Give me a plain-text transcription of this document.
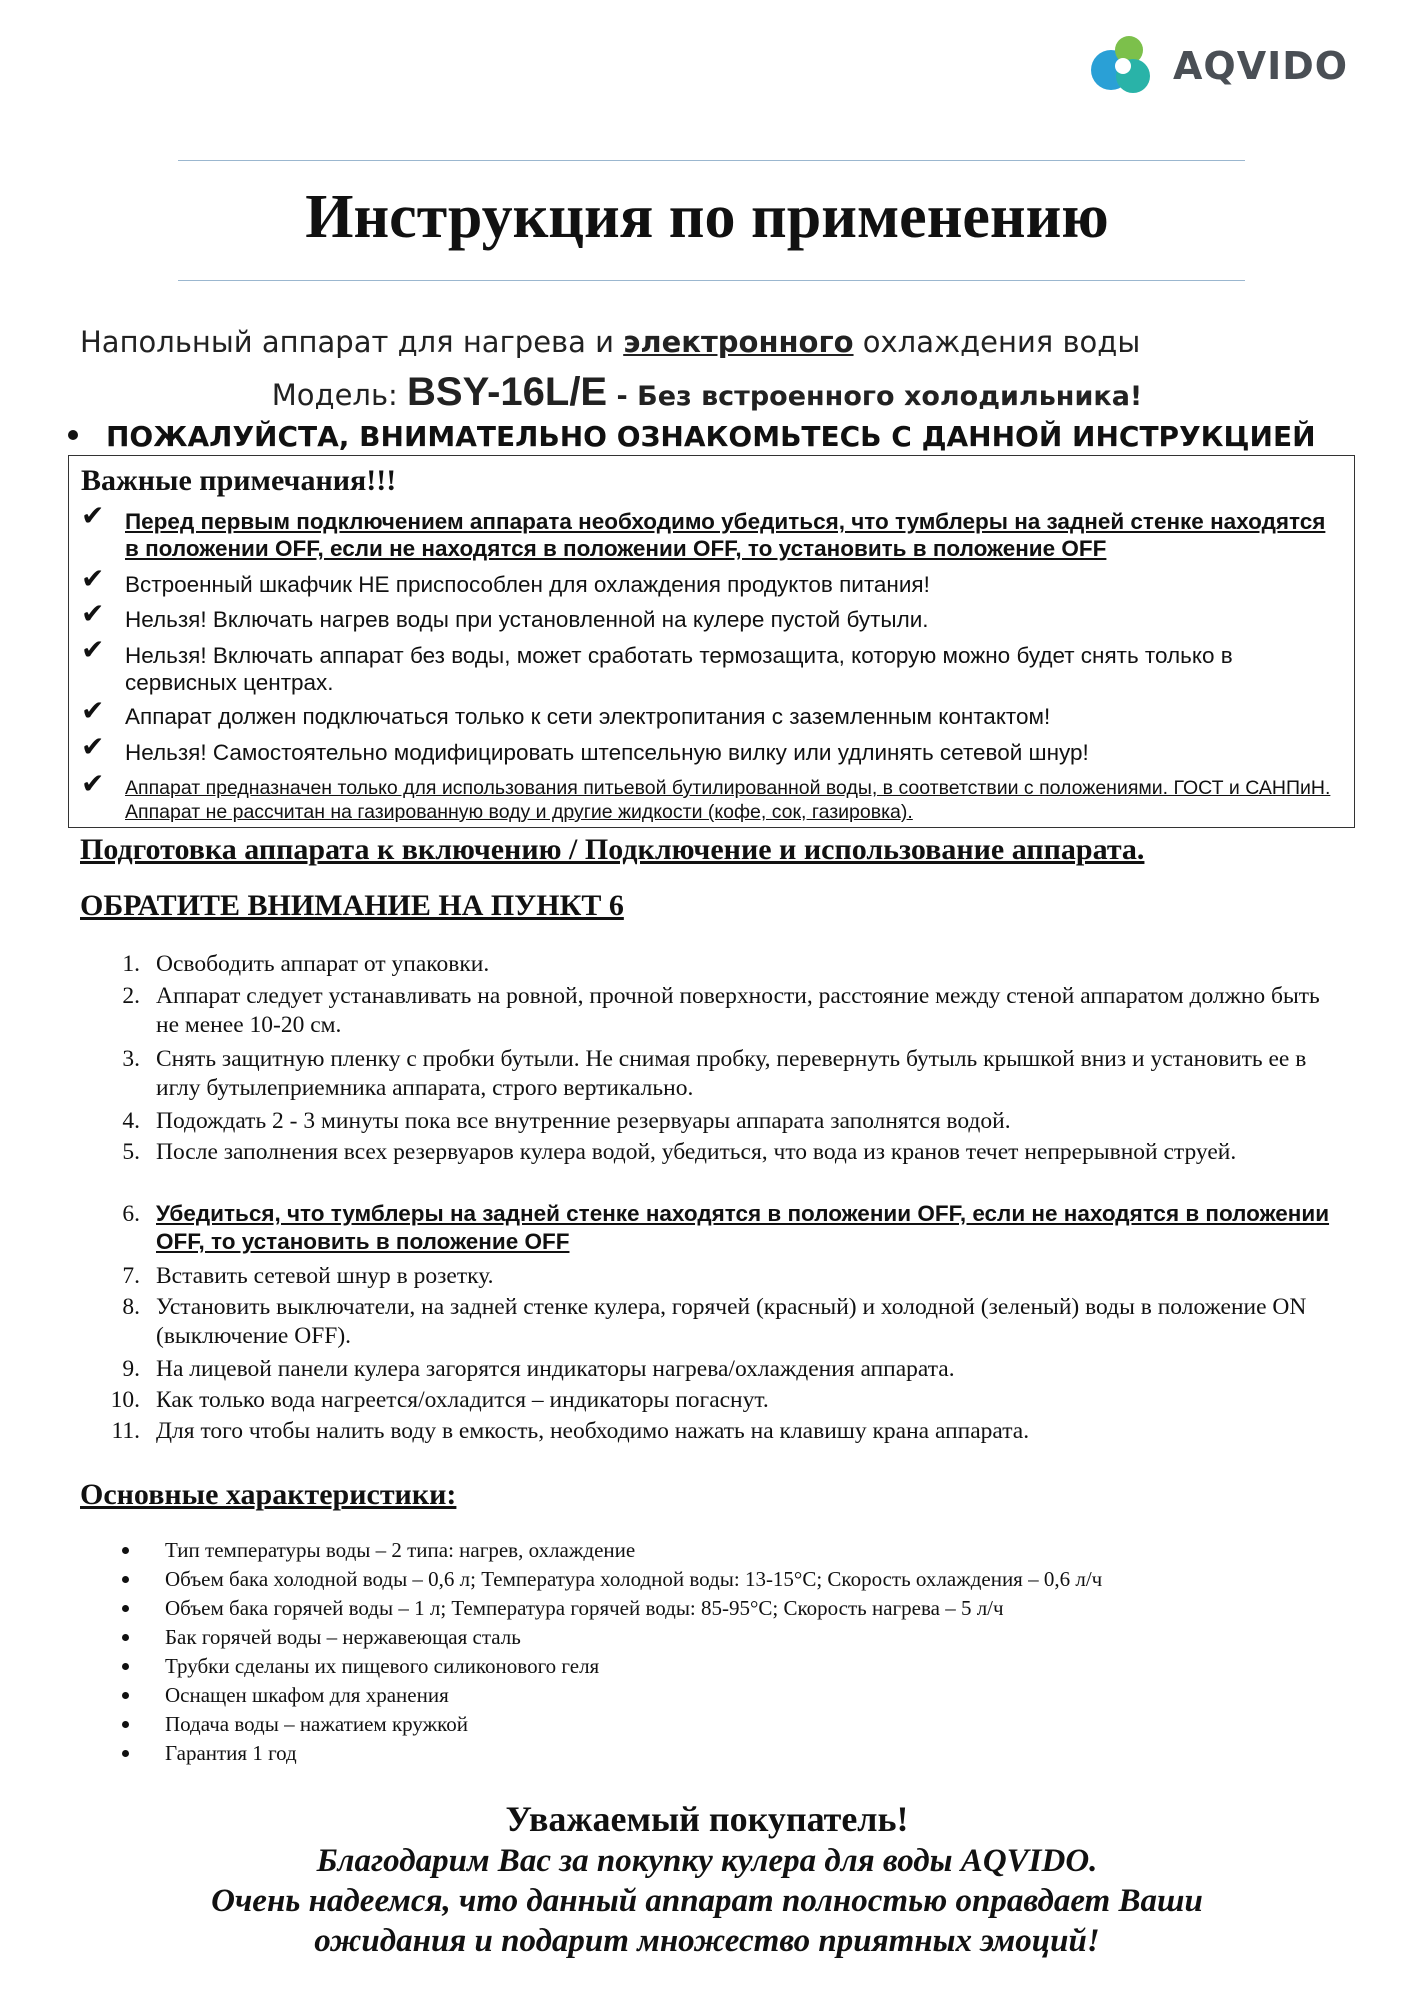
AQVIDO
Инструкция по применению
Напольный аппарат для нагрева и электронного охлаждения воды
Модель: BSY-16L/E - Без встроенного холодильника!
ПОЖАЛУЙСТА, ВНИМАТЕЛЬНО ОЗНАКОМЬТЕСЬ С ДАННОЙ ИНСТРУКЦИЕЙ
Важные примечания!!!
✔ Перед первым подключением аппарата необходимо убедиться, что тумблеры на задней стенке находятся в положении OFF, если не находятся в положении OFF, то установить в положение OFF
✔ Встроенный шкафчик НЕ приспособлен для охлаждения продуктов питания!
✔ Нельзя! Включать нагрев воды при установленной на кулере пустой бутыли.
✔ Нельзя! Включать аппарат без воды, может сработать термозащита, которую можно будет снять только в сервисных центрах.
✔ Аппарат должен подключаться только к сети электропитания с заземленным контактом!
✔ Нельзя! Самостоятельно модифицировать штепсельную вилку или удлинять сетевой шнур!
✔	Аппарат предназначен только для использования питьевой бутилированной воды, в соответствии с положениями. ГОСТ и САНПиН. Аппарат не рассчитан на газированную воду и другие жидкости (кофе, сок, газировка).
Подготовка аппарата к включению / Подключение и использование аппарата.
ОБРАТИТЕ ВНИМАНИЕ НА ПУНКТ 6
1. Освободить аппарат от упаковки.
2. Аппарат следует устанавливать на ровной, прочной поверхности, расстояние между стеной аппаратом должно быть не менее 10-20 см.
3. Снять защитную пленку с пробки бутыли. Не снимая пробку, перевернуть бутыль крышкой вниз и установить ее в иглу бутылеприемника аппарата, строго вертикально.
4. Подождать 2 - 3 минуты пока все внутренние резервуары аппарата заполнятся водой.
5. После заполнения всех резервуаров кулера водой, убедиться, что вода из кранов течет непрерывной струей.
6. Убедиться, что тумблеры на задней стенке находятся в положении OFF, если не находятся в положении OFF, то установить в положение OFF
7. Вставить сетевой шнур в розетку.
8. Установить выключатели, на задней стенке кулера, горячей (красный) и холодной (зеленый) воды в положение ON (выключение OFF).
9. На лицевой панели кулера загорятся индикаторы нагрева/охлаждения аппарата.
10. Как только вода нагреется/охладится – индикаторы погаснут.
11. Для того чтобы налить воду в емкость, необходимо нажать на клавишу крана аппарата.
Основные характеристики:
Тип температуры воды – 2 типа: нагрев, охлаждение
Объем бака холодной воды – 0,6 л; Температура холодной воды: 13-15°C; Скорость охлаждения – 0,6 л/ч
Объем бака горячей воды – 1 л; Температура горячей воды: 85-95°C; Скорость нагрева – 5 л/ч
Бак горячей воды – нержавеющая сталь
Трубки сделаны их пищевого силиконового геля
Оснащен шкафом для хранения
Подача воды – нажатием кружкой
Гарантия 1 год
Уважаемый покупатель!
Благодарим Вас за покупку кулера для воды AQVIDO.
Очень надеемся, что данный аппарат полностью оправдает Ваши
ожидания и подарит множество приятных эмоций!
